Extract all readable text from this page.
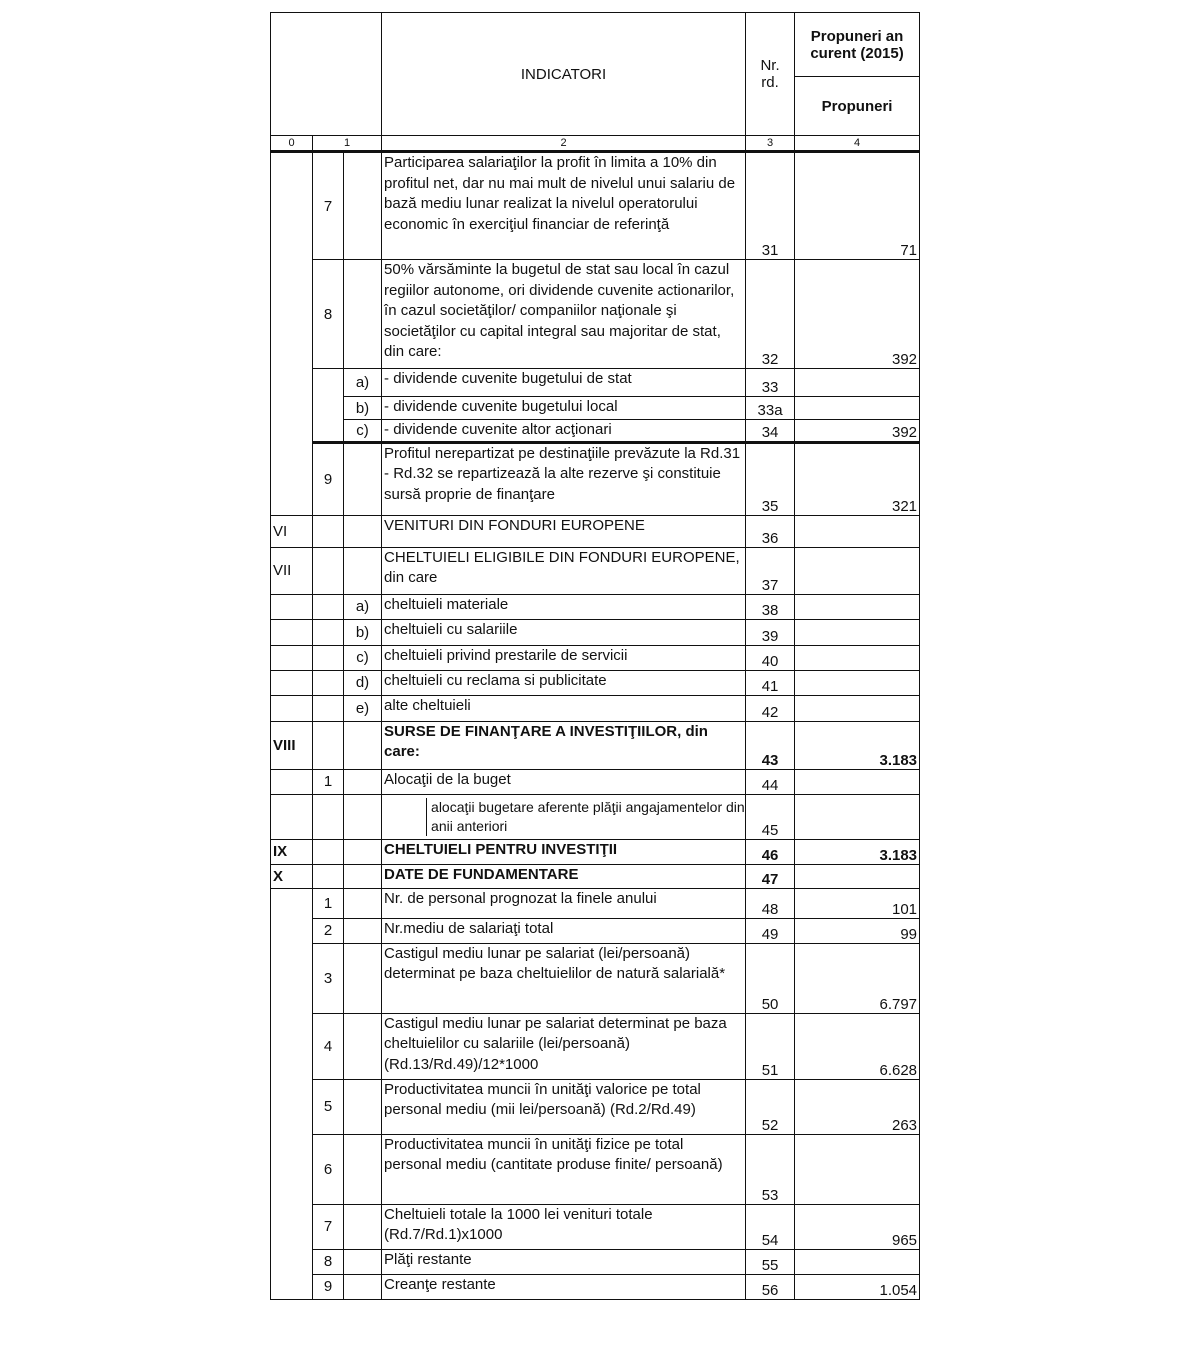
			INDICATORI	Nr. rd.	Propuneri an curent (2015)
					Propuneri
0	1		2	3	4
	7		Participarea salariaţilor la profit în limita a 10% din profitul net, dar nu mai mult de nivelul unui salariu de bază mediu lunar realizat la nivelul operatorului economic în exerciţiul financiar de referinţă	31	71
	8		50% vărsăminte la bugetul de stat sau local în cazul regiilor autonome, ori dividende cuvenite actionarilor, în cazul societăţilor/ companiilor naţionale şi societăţilor cu capital integral sau majoritar de stat, din care:	32	392
		a)	- dividende cuvenite bugetului de stat	33	
		b)	- dividende cuvenite bugetului local	33a	
		c)	- dividende cuvenite altor acţionari	34	392
	9		Profitul nerepartizat pe destinaţiile prevăzute la Rd.31 - Rd.32 se repartizează la alte rezerve şi constituie sursă proprie de finanţare	35	321
VI			VENITURI DIN FONDURI EUROPENE	36	
VII			CHELTUIELI ELIGIBILE DIN FONDURI EUROPENE, din care	37	
		a)	cheltuieli materiale	38	
		b)	cheltuieli cu salariile	39	
		c)	cheltuieli privind prestarile de servicii	40	
		d)	cheltuieli cu reclama si publicitate	41	
		e)	alte cheltuieli	42	
VIII			SURSE DE FINANŢARE A INVESTIŢIILOR, din care:	43	3.183
	1		Alocaţii de la buget	44	

			alocaţii bugetare aferente plăţii angajamentelor din anii anteriori	45	
IX			CHELTUIELI PENTRU INVESTIŢII	46	3.183
X			DATE DE FUNDAMENTARE	47	
	1		Nr. de personal prognozat la finele anului	48	101
	2		Nr.mediu de salariaţi total	49	99
	3		Castigul mediu lunar pe salariat (lei/persoană) determinat pe baza cheltuielilor de natură salarială*	50	6.797
	4		Castigul mediu lunar pe salariat determinat pe baza cheltuielilor cu salariile (lei/persoană) (Rd.13/Rd.49)/12*1000	51	6.628
	5		Productivitatea muncii în unităţi valorice pe total personal mediu (mii lei/persoană) (Rd.2/Rd.49)	52	263
	6		Productivitatea muncii în unităţi fizice pe total personal mediu (cantitate produse finite/ persoană)	53	
	7		Cheltuieli totale la 1000 lei venituri totale (Rd.7/Rd.1)x1000	54	965
	8		Plăţi restante	55	
	9		Creanţe restante	56	1.054
